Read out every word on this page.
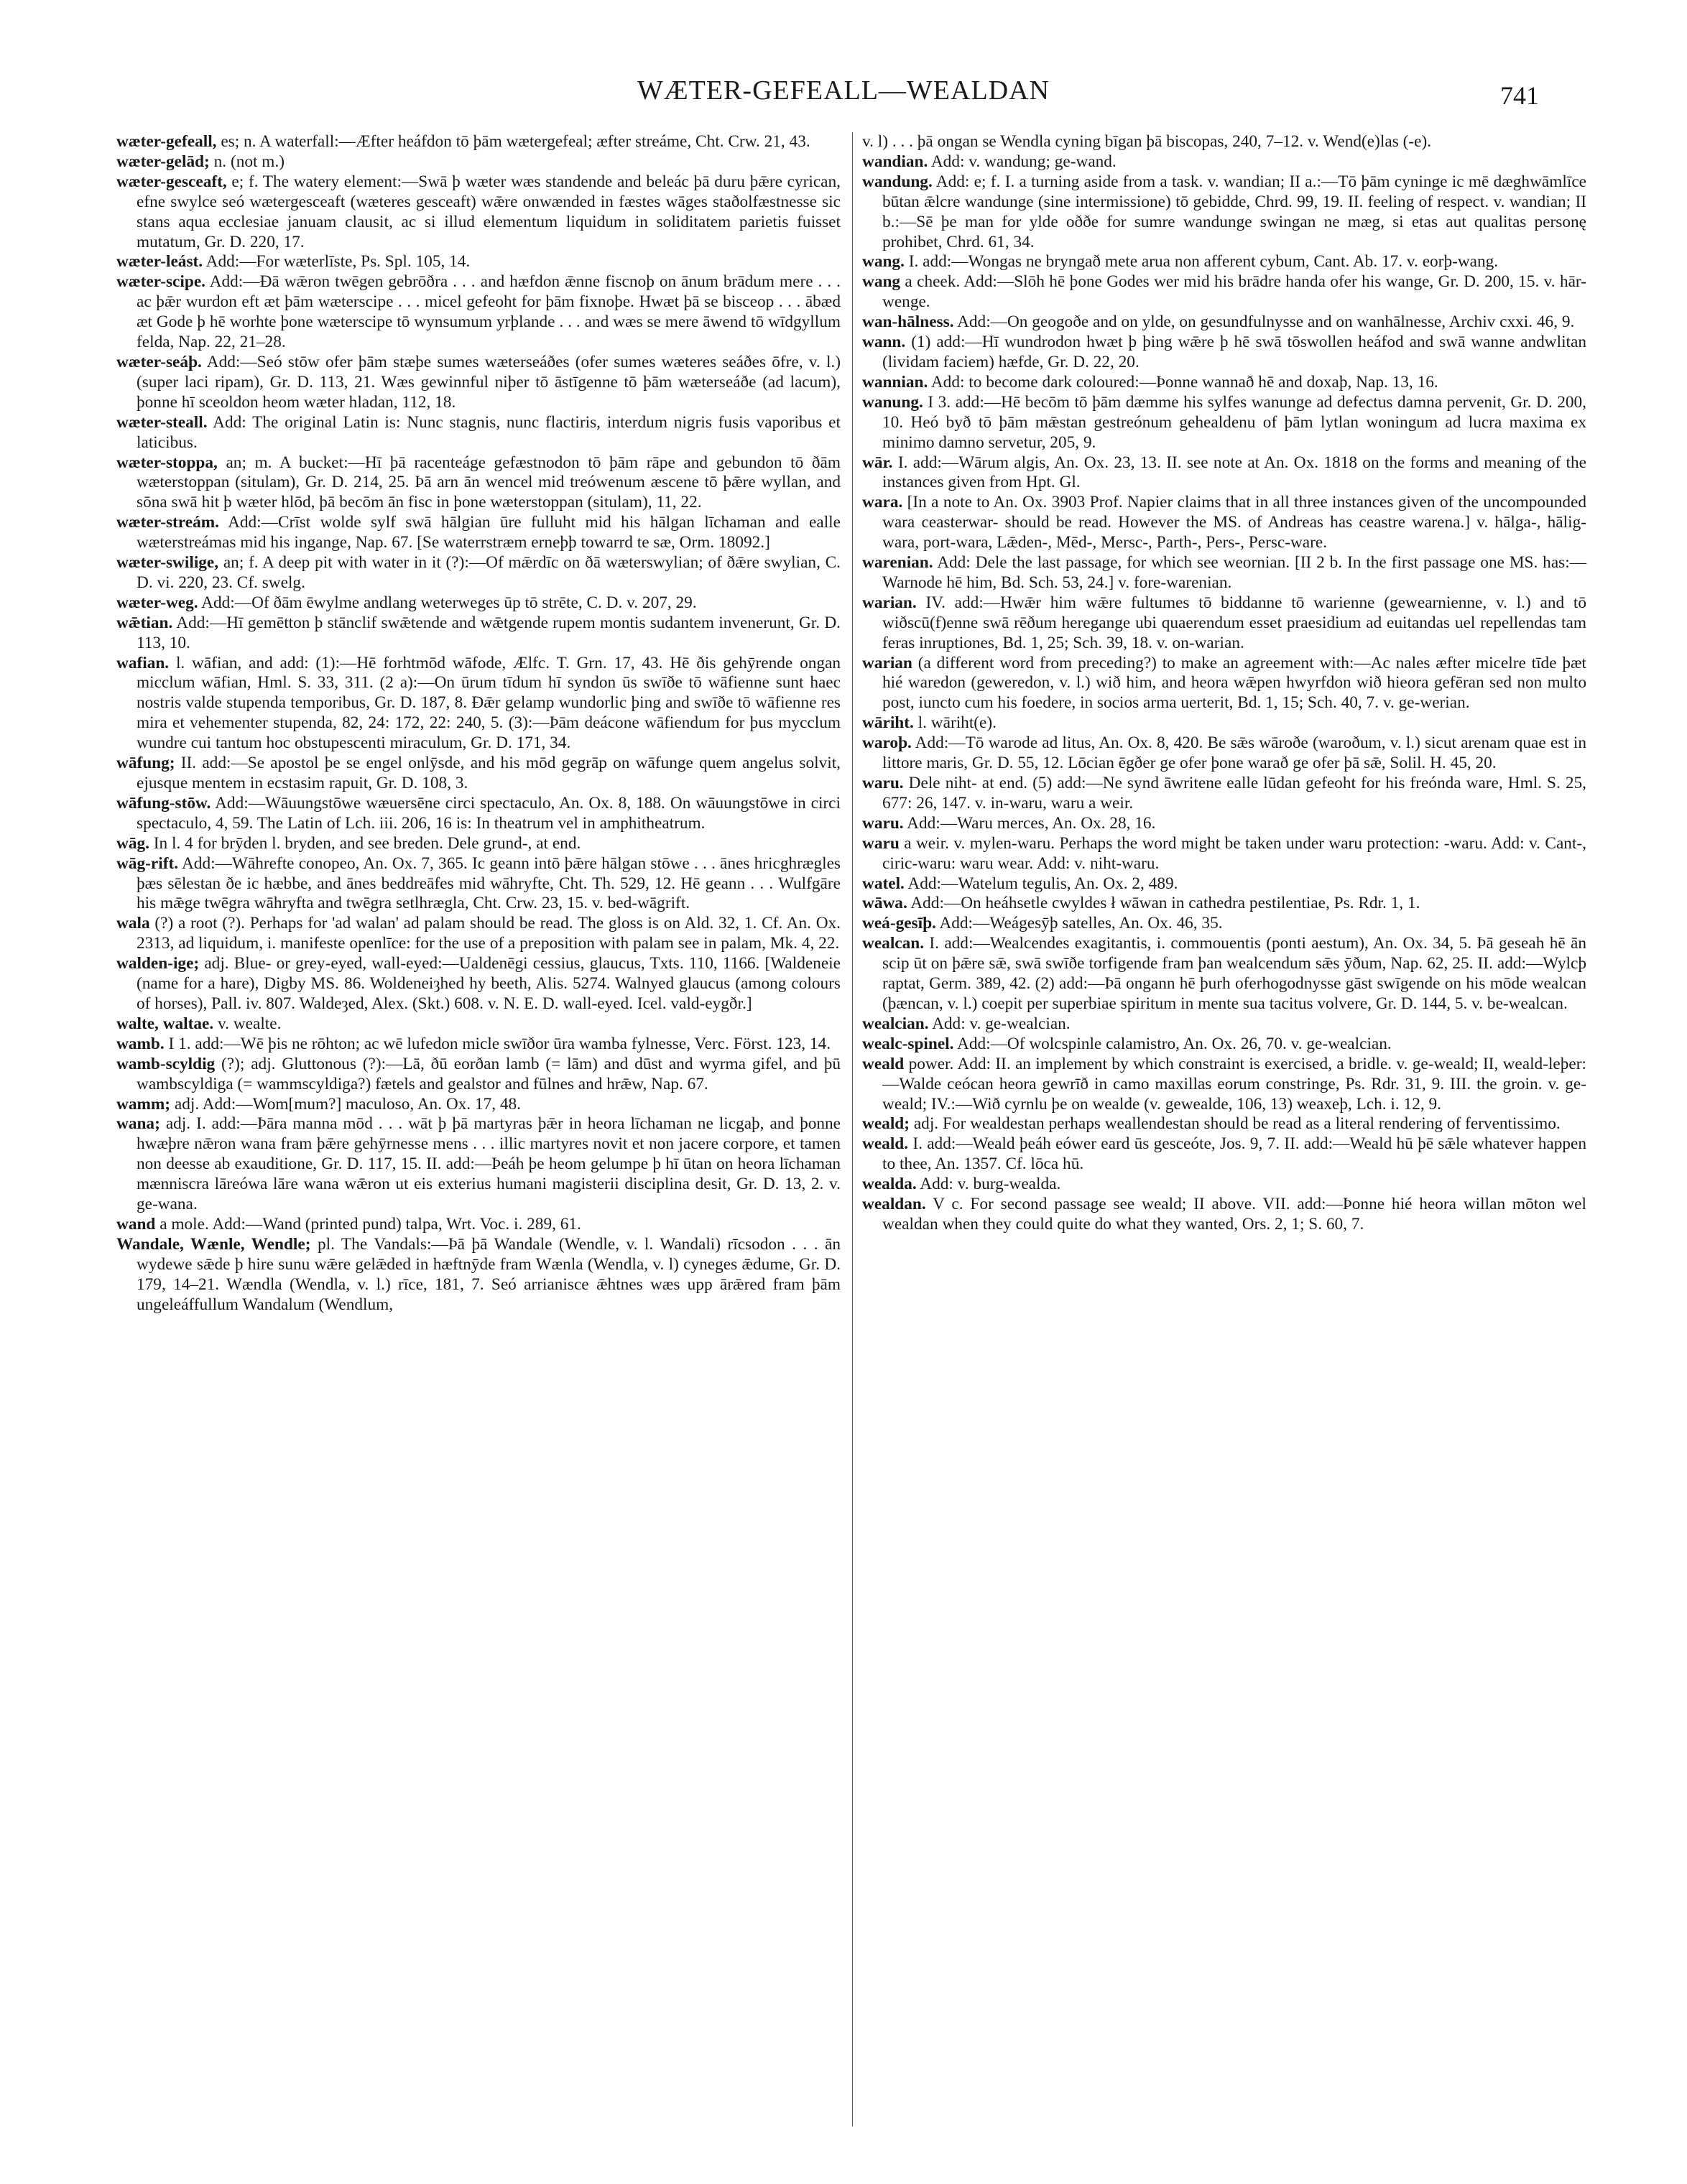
WÆTER-GEFEALL—WEALDAN	741

wæter-gefeall, es; n. A waterfall:—Æfter heáfdon tō þām wætergefeal; æfter streáme, Cht. Crw. 21, 43.

wæter-gelād; n. (not m.)

wæter-gesceaft, e; f. The watery element:—Swā þ wæter wæs standende and beleác þā duru þǣre cyrican, efne swylce seó wætergesceaft (wæteres gesceaft) wǣre onwænded in fæstes wāges staðolfæstnesse sic stans aqua ecclesiae januam clausit, ac si illud elementum liquidum in soliditatem parietis fuisset mutatum, Gr. D. 220, 17.

wæter-leást. Add:—For wæterlīste, Ps. Spl. 105, 14.

wæter-scipe. Add:—Ðā wǣron twēgen gebrōðra . . . and hæfdon ǣnne fiscnoþ on ānum brādum mere . . . ac þǣr wurdon eft æt þām wæterscipe . . . micel gefeoht for þām fixnoþe. Hwæt þā se bisceop . . . ābæd æt Gode þ hē worhte þone wæterscipe tō wynsumum yrþlande . . . and wæs se mere āwend tō wīdgyllum felda, Nap. 22, 21–28.

wæter-seáþ. Add:—Seó stōw ofer þām stæþe sumes wæterseáðes (ofer sumes wæteres seáðes ōfre, v. l.) (super laci ripam), Gr. D. 113, 21. Wæs gewinnful niþer tō āstīgenne tō þām wæterseáðe (ad lacum), þonne hī sceoldon heom wæter hladan, 112, 18.

wæter-steall. Add: The original Latin is: Nunc stagnis, nunc flactiris, interdum nigris fusis vaporibus et laticibus.

wæter-stoppa, an; m. A bucket:—Hī þā racenteáge gefæstnodon tō þām rāpe and gebundon tō ðām wæterstoppan (situlam), Gr. D. 214, 25. Þā arn ān wencel mid treówenum æscene tō þǣre wyllan, and sōna swā hit þ wæter hlōd, þā becōm ān fisc in þone wæterstoppan (situlam), 11, 22.

wæter-streám. Add:—Crīst wolde sylf swā hālgian ūre fulluht mid his hālgan līchaman and ealle wæterstreámas mid his ingange, Nap. 67. [Se waterrstræm erneþþ towarrd te sæ, Orm. 18092.]

wæter-swilige, an; f. A deep pit with water in it (?):—Of mǣrdīc on ðā wæterswylian; of ðǣre swylian, C. D. vi. 220, 23. Cf. swelg.

wæter-weg. Add:—Of ðām ēwylme andlang weterweges ūp tō strēte, C. D. v. 207, 29.

wǣtian. Add:—Hī gemētton þ stānclif swǣtende and wǣtgende rupem montis sudantem invenerunt, Gr. D. 113, 10.

wafian. l. wāfian, and add: (1):—Hē forhtmōd wāfode, Ælfc. T. Grn. 17, 43. Hē ðis gehӯrende ongan micclum wāfian, Hml. S. 33, 311. (2 a):—On ūrum tīdum hī syndon ūs swīðe tō wāfienne sunt haec nostris valde stupenda temporibus, Gr. D. 187, 8. Ðǣr gelamp wundorlic þing and swīðe tō wāfienne res mira et vehementer stupenda, 82, 24: 172, 22: 240, 5. (3):—Þām deácone wāfiendum for þus mycclum wundre cui tantum hoc obstupescenti miraculum, Gr. D. 171, 34.

wāfung; II. add:—Se apostol þe se engel onlӯsde, and his mōd gegrāp on wāfunge quem angelus solvit, ejusque mentem in ecstasim rapuit, Gr. D. 108, 3.

wāfung-stōw. Add:—Wāuungstōwe wæuersēne circi spectaculo, An. Ox. 8, 188. On wāuungstōwe in circi spectaculo, 4, 59. The Latin of Lch. iii. 206, 16 is: In theatrum vel in amphitheatrum.

wāg. In l. 4 for brӯden l. bryden, and see breden. Dele grund-, at end.

wāg-rift. Add:—Wāhrefte conopeo, An. Ox. 7, 365. Ic geann intō þǣre hālgan stōwe . . . ānes hricghrægles þæs sēlestan ðe ic hæbbe, and ānes beddreāfes mid wāhryfte, Cht. Th. 529, 12. Hē geann . . . Wulfgāre his mǣge twēgra wāhryfta and twēgra setlhrægla, Cht. Crw. 23, 15. v. bed-wāgrift.

wala (?) a root (?). Perhaps for 'ad walan' ad palam should be read. The gloss is on Ald. 32, 1. Cf. An. Ox. 2313, ad liquidum, i. manifeste openlīce: for the use of a preposition with palam see in palam, Mk. 4, 22.

walden-ige; adj. Blue- or grey-eyed, wall-eyed:—Ualdenēgi cessius, glaucus, Txts. 110, 1166. [Waldeneie (name for a hare), Digby MS. 86. Woldeneiȝhed hy beeth, Alis. 5274. Walnyed glaucus (among colours of horses), Pall. iv. 807. Waldeȝed, Alex. (Skt.) 608. v. N. E. D. wall-eyed. Icel. vald-eygðr.]

walte, waltae. v. wealte.

wamb. I 1. add:—Wē þis ne rōhton; ac wē lufedon micle swīðor ūra wamba fylnesse, Verc. Först. 123, 14.

wamb-scyldig (?); adj. Gluttonous (?):—Lā, ðū eorðan lamb (= lām) and dūst and wyrma gifel, and þū wambscyldiga (= wammscyldiga?) fætels and gealstor and fūlnes and hrǣw, Nap. 67.

wamm; adj. Add:—Wom[mum?] maculoso, An. Ox. 17, 48.

wana; adj. I. add:—Þāra manna mōd . . . wāt þ þā martyras þǣr in heora līchaman ne licgaþ, and þonne hwæþre nǣron wana fram þǣre gehӯrnesse mens . . . illic martyres novit et non jacere corpore, et tamen non deesse ab exauditione, Gr. D. 117, 15. II. add:—Þeáh þe heom gelumpe þ hī ūtan on heora līchaman mænniscra lāreówa lāre wana wǣron ut eis exterius humani magisterii disciplina desit, Gr. D. 13, 2. v. ge-wana.

wand a mole. Add:—Wand (printed pund) talpa, Wrt. Voc. i. 289, 61.

Wandale, Wænle, Wendle; pl. The Vandals:—Þā þā Wandale (Wendle, v. l. Wandali) rīcsodon . . . ān wydewe sǣde þ hire sunu wǣre gelǣded in hæftnӯde fram Wænla (Wendla, v. l) cyneges ǣdume, Gr. D. 179, 14–21. Wændla (Wendla, v. l.) rīce, 181, 7. Seó arrianisce ǣhtnes wæs upp ārǣred fram þām ungeleáffullum Wandalum (Wendlum,

v. l) . . . þā ongan se Wendla cyning bīgan þā biscopas, 240, 7–12. v. Wend(e)las (-e).

wandian. Add: v. wandung; ge-wand.

wandung. Add: e; f. I. a turning aside from a task. v. wandian; II a.:—Tō þām cyninge ic mē dæghwāmlīce būtan ǣlcre wandunge (sine intermissione) tō gebidde, Chrd. 99, 19. II. feeling of respect. v. wandian; II b.:—Sē þe man for ylde oððe for sumre wandunge swingan ne mæg, si etas aut qualitas personę prohibet, Chrd. 61, 34.

wang. I. add:—Wongas ne bryngað mete arua non afferent cybum, Cant. Ab. 17. v. eorþ-wang.

wang a cheek. Add:—Slōh hē þone Godes wer mid his brādre handa ofer his wange, Gr. D. 200, 15. v. hār-wenge.

wan-hālness. Add:—On geogoðe and on ylde, on gesundfulnysse and on wanhālnesse, Archiv cxxi. 46, 9.

wann. (1) add:—Hī wundrodon hwæt þ þing wǣre þ hē swā tōswollen heáfod and swā wanne andwlitan (lividam faciem) hæfde, Gr. D. 22, 20.

wannian. Add: to become dark coloured:—Þonne wannað hē and doxaþ, Nap. 13, 16.

wanung. I 3. add:—Hē becōm tō þām dæmme his sylfes wanunge ad defectus damna pervenit, Gr. D. 200, 10. Heó byð tō þām mǣstan gestreónum gehealdenu of þām lytlan woningum ad lucra maxima ex minimo damno servetur, 205, 9.

wār. I. add:—Wārum algis, An. Ox. 23, 13. II. see note at An. Ox. 1818 on the forms and meaning of the instances given from Hpt. Gl.

wara. [In a note to An. Ox. 3903 Prof. Napier claims that in all three instances given of the uncompounded wara ceasterwar- should be read. However the MS. of Andreas has ceastre warena.] v. hālga-, hālig-wara, port-wara, Lǣden-, Mēd-, Mersc-, Parth-, Pers-, Persc-ware.

warenian. Add: Dele the last passage, for which see weornian. [II 2 b. In the first passage one MS. has:—Warnode hē him, Bd. Sch. 53, 24.] v. fore-warenian.

warian. IV. add:—Hwǣr him wǣre fultumes tō biddanne tō warienne (gewearnienne, v. l.) and tō wiðscū(f)enne swā rēðum heregange ubi quaerendum esset praesidium ad euitandas uel repellendas tam feras inruptiones, Bd. 1, 25; Sch. 39, 18. v. on-warian.

warian (a different word from preceding?) to make an agreement with:—Ac nales æfter micelre tīde þæt hié waredon (geweredon, v. l.) wið him, and heora wǣpen hwyrfdon wið hieora gefēran sed non multo post, iuncto cum his foedere, in socios arma uerterit, Bd. 1, 15; Sch. 40, 7. v. ge-werian.

wāriht. l. wāriht(e).

waroþ. Add:—Tō warode ad litus, An. Ox. 8, 420. Be sǣs wāroðe (waroðum, v. l.) sicut arenam quae est in littore maris, Gr. D. 55, 12. Lōcian ēgðer ge ofer þone warað ge ofer þā sǣ, Solil. H. 45, 20.

waru. Dele niht- at end. (5) add:—Ne synd āwritene ealle lūdan gefeoht for his freónda ware, Hml. S. 25, 677: 26, 147. v. in-waru, waru a weir.

waru. Add:—Waru merces, An. Ox. 28, 16.

waru a weir. v. mylen-waru. Perhaps the word might be taken under waru protection: -waru. Add: v. Cant-, ciric-waru: waru wear. Add: v. niht-waru.

watel. Add:—Watelum tegulis, An. Ox. 2, 489.

wāwa. Add:—On heáhsetle cwyldes ł wāwan in cathedra pestilentiae, Ps. Rdr. 1, 1.

weá-gesīþ. Add:—Weágesӯþ satelles, An. Ox. 46, 35.

wealcan. I. add:—Wealcendes exagitantis, i. commouentis (ponti aestum), An. Ox. 34, 5. Þā geseah hē ān scip ūt on þǣre sǣ, swā swīðe torfigende fram þan wealcendum sǣs ӯðum, Nap. 62, 25. II. add:—Wylcþ raptat, Germ. 389, 42. (2) add:—Þā ongann hē þurh oferhogodnysse gāst swīgende on his mōde wealcan (þæncan, v. l.) coepit per superbiae spiritum in mente sua tacitus volvere, Gr. D. 144, 5. v. be-wealcan.

wealcian. Add: v. ge-wealcian.

wealc-spinel. Add:—Of wolcspinle calamistro, An. Ox. 26, 70. v. ge-wealcian.

weald power. Add: II. an implement by which constraint is exercised, a bridle. v. ge-weald; II, weald-leþer:—Walde ceócan heora gewrīð in camo maxillas eorum constringe, Ps. Rdr. 31, 9. III. the groin. v. ge-weald; IV.:—Wið cyrnlu þe on wealde (v. gewealde, 106, 13) weaxeþ, Lch. i. 12, 9.

weald; adj. For wealdestan perhaps weallendestan should be read as a literal rendering of ferventissimo.

weald. I. add:—Weald þeáh eówer eard ūs gesceóte, Jos. 9, 7. II. add:—Weald hū þē sǣle whatever happen to thee, An. 1357. Cf. lōca hū.

wealda. Add: v. burg-wealda.

wealdan. V c. For second passage see weald; II above. VII. add:—Þonne hié heora willan mōton wel wealdan when they could quite do what they wanted, Ors. 2, 1; S. 60, 7.
